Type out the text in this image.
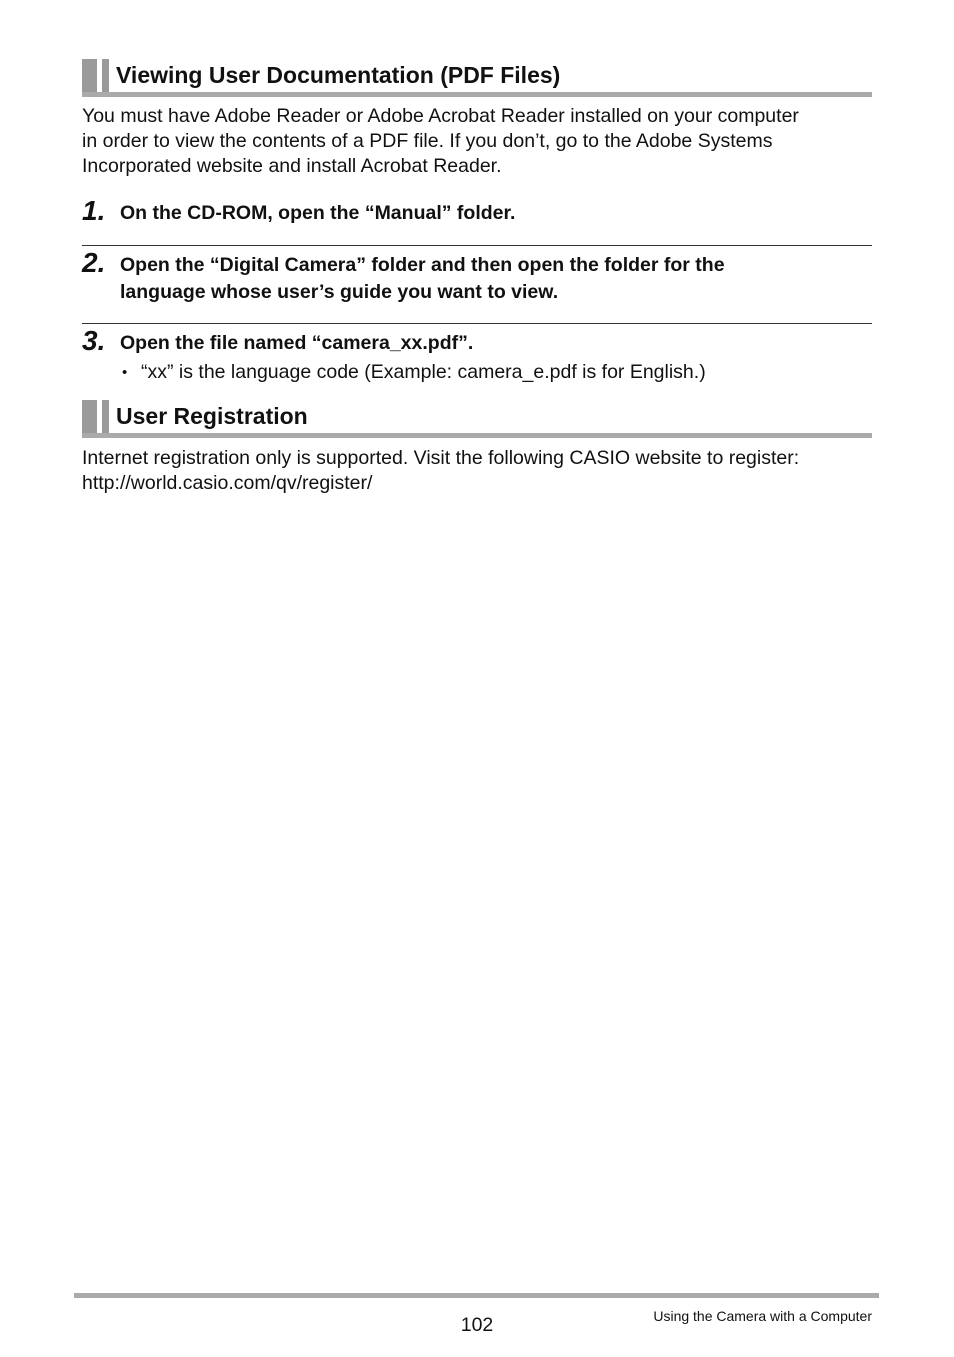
Viewing User Documentation (PDF Files)
You must have Adobe Reader or Adobe Acrobat Reader installed on your computer
in order to view the contents of a PDF file. If you don’t, go to the Adobe Systems
Incorporated website and install Acrobat Reader.
1. On the CD-ROM, open the “Manual” folder.
2. Open the “Digital Camera” folder and then open the folder for the
language whose user’s guide you want to view.
3. Open the file named “camera_xx.pdf”.
• “xx” is the language code (Example: camera_e.pdf is for English.)
User Registration
Internet registration only is supported. Visit the following CASIO website to register:
http://world.casio.com/qv/register/
102	Using the Camera with a Computer
